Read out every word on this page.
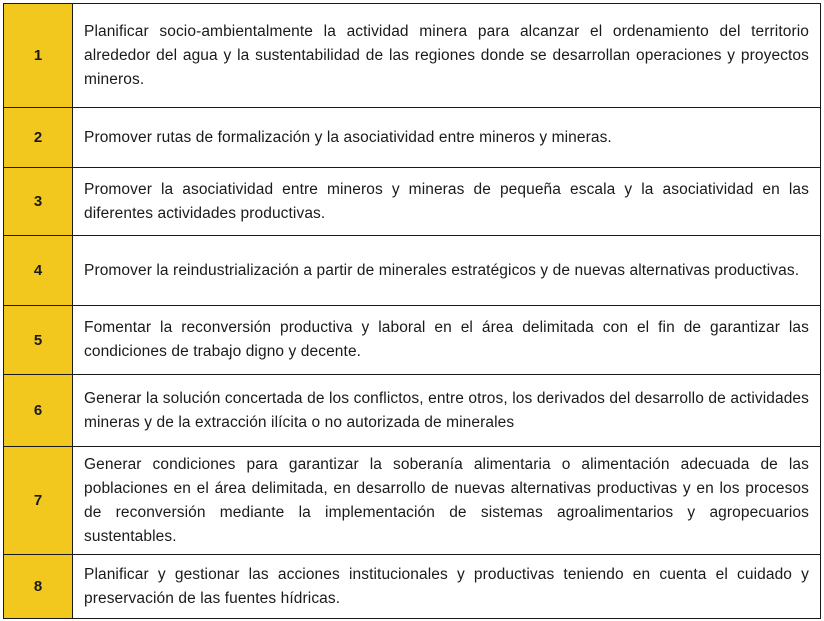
1	Planificar socio-ambientalmente la actividad minera para alcanzar el ordenamiento del territorio alrededor del agua y la sustentabilidad de las regiones donde se desarrollan operaciones y proyectos mineros.
2	Promover rutas de formalización y la asociatividad entre mineros y mineras.
3	Promover la asociatividad entre mineros y mineras de pequeña escala y la asociatividad en las diferentes actividades productivas.
4	Promover la reindustrialización a partir de minerales estratégicos y de nuevas alternativas productivas.
5	Fomentar la reconversión productiva y laboral en el área delimitada con el fin de garantizar las condiciones de trabajo digno y decente.
6	Generar la solución concertada de los conflictos, entre otros, los derivados del desarrollo de actividades mineras y de la extracción ilícita o no autorizada de minerales
7	Generar condiciones para garantizar la soberanía alimentaria o alimentación adecuada de las poblaciones en el área delimitada, en desarrollo de nuevas alternativas productivas y en los procesos de reconversión mediante la implementación de sistemas agroalimentarios y agropecuarios sustentables.
8	Planificar y gestionar las acciones institucionales y productivas teniendo en cuenta el cuidado y preservación de las fuentes hídricas.
